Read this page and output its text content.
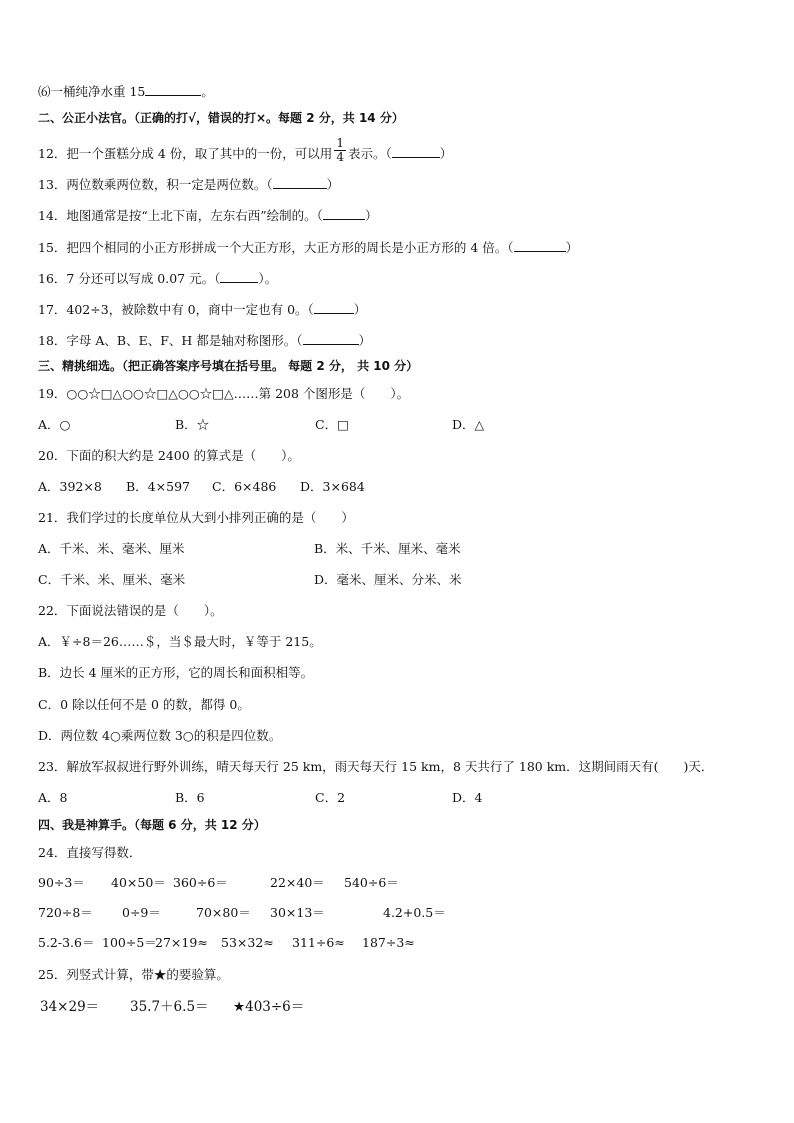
⑹一桶纯净水重 15	。
二、公正小法官。（正确的打√，错误的打×。每题 2 分，共 14 分）
12．把一个蛋糕分成 4 份，取了其中的一份，可以用 $\frac{1}{4}$ 表示。（	）
13．两位数乘两位数，积一定是两位数。（	）
14．地图通常是按“上北下南，左东右西”绘制的。（	）
15．把四个相同的小正方形拼成一个大正方形，大正方形的周长是小正方形的 4 倍。（	）
16．7 分还可以写成 0.07 元。（	）。
17．402÷3，被除数中有 0，商中一定也有 0。（	）
18．字母 A、B、E、F、H 都是轴对称图形。（	）
三、精挑细选。（把正确答案序号填在括号里。 每题 2 分， 共 10 分）
19．○○☆□△○○☆□△○○☆□△……第 208 个图形是（　　）。
A．○	B．☆	C．□	D．△
20．下面的积大约是 2400 的算式是（　　）。
A．392×8 B．4×597 C．6×486 D．3×684
21．我们学过的长度单位从大到小排列正确的是（　　）
A．千米、米、毫米、厘米	B．米、千米、厘米、毫米
C．千米、米、厘米、毫米	D．毫米、厘米、分米、米
22．下面说法错误的是（　　）。
A．￥÷8＝26……＄，当＄最大时，￥等于 215。
B．边长 4 厘米的正方形，它的周长和面积相等。
C．0 除以任何不是 0 的数，都得 0。
D．两位数 4○乘两位数 3○的积是四位数。
23．解放军叔叔进行野外训练，晴天每天行 25 km，雨天每天行 15 km，8 天共行了 180 km．这期间雨天有(　　)天．
A．8	B．6	C．2	D．4
四、我是神算手。（每题 6 分，共 12 分）
24．直接写得数．
90÷3＝ 40×50＝ 360÷6＝	22×40＝ 540÷6＝
720÷8＝ 0÷9＝	70×80＝ 30×13＝	4.2+0.5＝
5.2-3.6＝ 100÷5＝
27×19≈ 53×32≈ 311÷6≈ 187÷3≈
25．列竖式计算，带★的要验算。
34×29＝ 35.7＋6.5＝ ★403÷6＝
